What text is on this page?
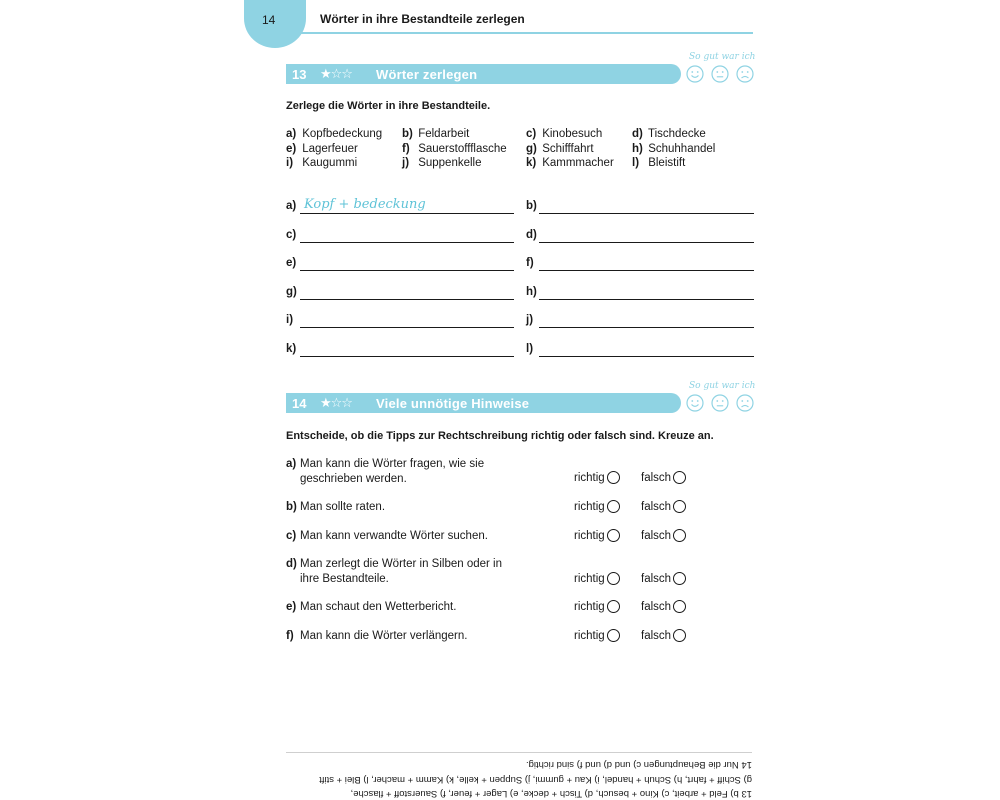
14	Wörter in ihre Bestandteile zerlegen
So gut war ich
13 ★☆☆ Wörter zerlegen
Zerlege die Wörter in ihre Bestandteile.
a) Kopfbedeckung b) Feldarbeit	c) Kinobesuch	d) Tischdecke
e) Lagerfeuer	f) Sauerstoffflasche g) Schifffahrt	h) Schuhhandel
i) Kaugummi	j) Suppenkelle	k) Kammmacher l) Bleistift
a) Kopf + bedeckung	b)
c)	d)
e)	f)
g)	h)
i)	j)
k)	l)
So gut war ich
14 ★☆☆ Viele unnötige Hinweise
Entscheide, ob die Tipps zur Rechtschreibung richtig oder falsch sind. Kreuze an.
a) Man kann die Wörter fragen, wie sie geschrieben werden.	richtig	falsch
b) Man sollte raten.	richtig	falsch
c) Man kann verwandte Wörter suchen.	richtig	falsch
d) Man zerlegt die Wörter in Silben oder in ihre Bestandteile.	richtig	falsch
e) Man schaut den Wetterbericht.	richtig	falsch
f) Man kann die Wörter verlängern.	richtig	falsch
14 Nur die Behauptungen c) und d) und f) sind richtig.
g) Schiff + fahrt, h) Schuh + handel, i) Kau + gummi, j) Suppen + kelle, k) Kamm + macher, l) Blei + stift
13 b) Feld + arbeit, c) Kino + besuch, d) Tisch + decke, e) Lager + feuer, f) Sauerstoff + flasche,
